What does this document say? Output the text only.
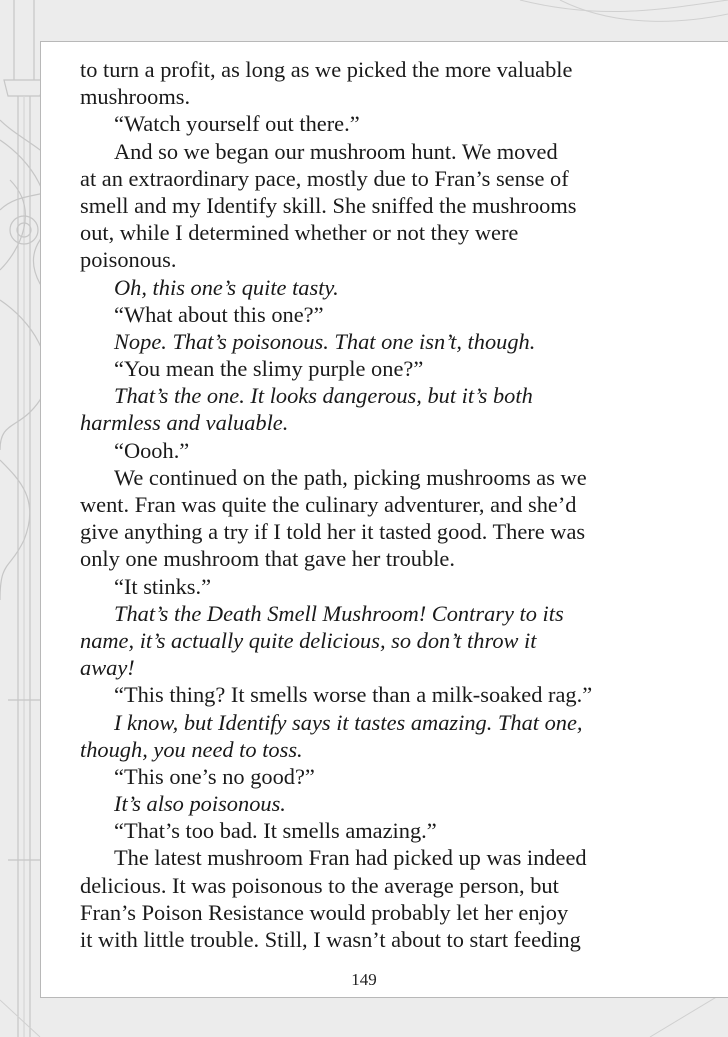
to turn a profit, as long as we picked the more valuable
mushrooms.
“Watch yourself out there.”
And so we began our mushroom hunt. We moved
at an extraordinary pace, mostly due to Fran’s sense of
smell and my Identify skill. She sniffed the mushrooms
out, while I determined whether or not they were
poisonous.
Oh, this one’s quite tasty.
“What about this one?”
Nope. That’s poisonous. That one isn’t, though.
“You mean the slimy purple one?”
That’s the one. It looks dangerous, but it’s both
harmless and valuable.
“Oooh.”
We continued on the path, picking mushrooms as we
went. Fran was quite the culinary adventurer, and she’d
give anything a try if I told her it tasted good. There was
only one mushroom that gave her trouble.
“It stinks.”
That’s the Death Smell Mushroom! Contrary to its
name, it’s actually quite delicious, so don’t throw it
away!
“This thing? It smells worse than a milk-soaked rag.”
I know, but Identify says it tastes amazing. That one,
though, you need to toss.
“This one’s no good?”
It’s also poisonous.
“That’s too bad. It smells amazing.”
The latest mushroom Fran had picked up was indeed
delicious. It was poisonous to the average person, but
Fran’s Poison Resistance would probably let her enjoy
it with little trouble. Still, I wasn’t about to start feeding
149
